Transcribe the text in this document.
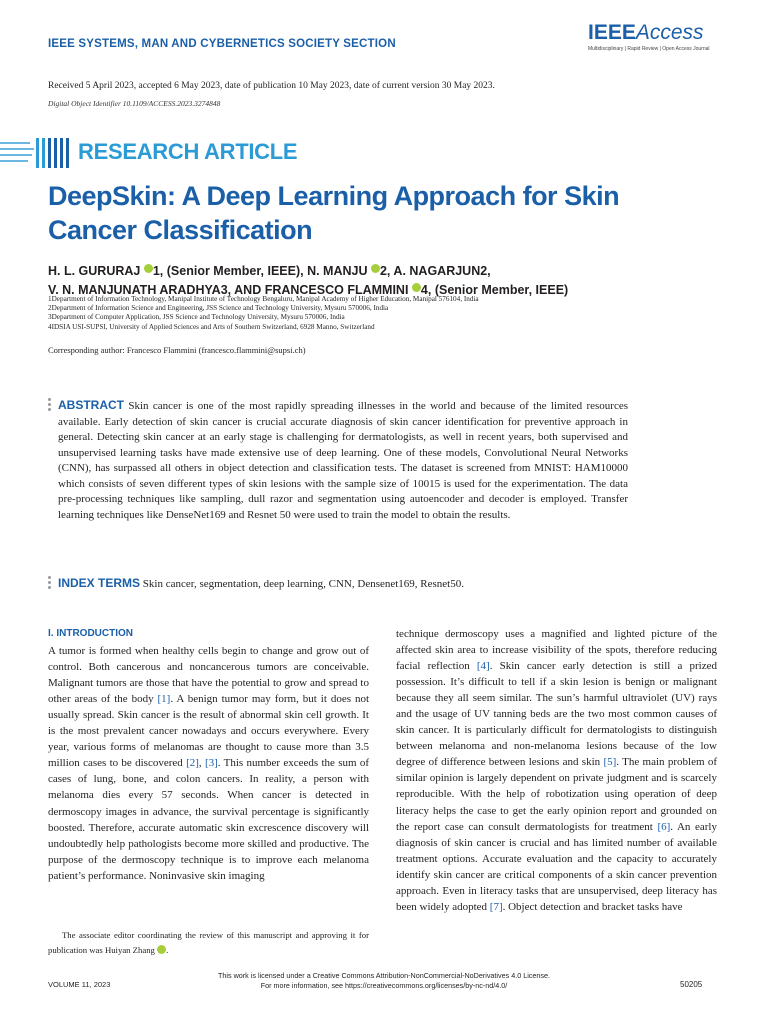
IEEE SYSTEMS, MAN AND CYBERNETICS SOCIETY SECTION	IEEEAccess
Multidisciplinary | Rapid Review | Open Access Journal
Received 5 April 2023, accepted 6 May 2023, date of publication 10 May 2023, date of current version 30 May 2023.
Digital Object Identifier 10.1109/ACCESS.2023.3274848
RESEARCH ARTICLE
DeepSkin: A Deep Learning Approach for Skin Cancer Classification
H. L. GURURAJ 1, (Senior Member, IEEE), N. MANJU 2, A. NAGARJUN2,
V. N. MANJUNATH ARADHYA3, AND FRANCESCO FLAMMINI 4, (Senior Member, IEEE)
1Department of Information Technology, Manipal Institute of Technology Bengaluru, Manipal Academy of Higher Education, Manipal 576104, India
2Department of Information Science and Engineering, JSS Science and Technology University, Mysuru 570006, India
3Department of Computer Application, JSS Science and Technology University, Mysuru 570006, India
4IDSIA USI-SUPSI, University of Applied Sciences and Arts of Southern Switzerland, 6928 Manno, Switzerland
Corresponding author: Francesco Flammini (francesco.flammini@supsi.ch)
ABSTRACT Skin cancer is one of the most rapidly spreading illnesses in the world and because of the limited resources available. Early detection of skin cancer is crucial accurate diagnosis of skin cancer identification for preventive approach in general. Detecting skin cancer at an early stage is challenging for dermatologists, as well in recent years, both supervised and unsupervised learning tasks have made extensive use of deep learning. One of these models, Convolutional Neural Networks (CNN), has surpassed all others in object detection and classification tests. The dataset is screened from MNIST: HAM10000 which consists of seven different types of skin lesions with the sample size of 10015 is used for the experimentation. The data pre-processing techniques like sampling, dull razor and segmentation using autoencoder and decoder is employed. Transfer learning techniques like DenseNet169 and Resnet 50 were used to train the model to obtain the results.
INDEX TERMS Skin cancer, segmentation, deep learning, CNN, Densenet169, Resnet50.
I. INTRODUCTION

A tumor is formed when healthy cells begin to change and grow out of control. Both cancerous and noncancerous tumors are conceivable. Malignant tumors are those that have the potential to grow and spread to other areas of the body [1]. A benign tumor may form, but it does not usually spread. Skin cancer is the result of abnormal skin cell growth. It is the most prevalent cancer nowadays and occurs everywhere. Every year, various forms of melanomas are thought to cause more than 3.5 million cases to be discovered [2], [3]. This number exceeds the sum of cases of lung, bone, and colon cancers. In reality, a person with melanoma dies every 57 seconds. When cancer is detected in dermoscopy images in advance, the survival percentage is significantly boosted. Therefore, accurate automatic skin excrescence discovery will undoubtedly help pathologists become more skilled and productive. The purpose of the dermoscopy technique is to improve each melanoma patient’s performance. Noninvasive skin imaging

technique dermoscopy uses a magnified and lighted picture of the affected skin area to increase visibility of the spots, therefore reducing facial reflection [4]. Skin cancer early detection is still a prized possession. It’s difficult to tell if a skin lesion is benign or malignant because they all seem similar. The sun’s harmful ultraviolet (UV) rays and the usage of UV tanning beds are the two most common causes of skin cancer. It is particularly difficult for dermatologists to distinguish between melanoma and non-melanoma lesions because of the low degree of difference between lesions and skin [5]. The main problem of similar opinion is largely dependent on private judgment and is scarcely reproducible. With the help of robotization using operation of deep literacy helps the case to get the early opinion report and grounded on the report case can consult dermatologists for treatment [6]. An early diagnosis of skin cancer is crucial and has limited number of available treatment options. Accurate evaluation and the capacity to accurately identify skin cancer are critical components of a skin cancer prevention approach. Even in literacy tasks that are unsupervised, deep literacy has been widely adopted [7]. Object detection and bracket tasks have

The associate editor coordinating the review of this manuscript and approving it for publication was Huiyan Zhang .
This work is licensed under a Creative Commons Attribution-NonCommercial-NoDerivatives 4.0 License.
For more information, see https://creativecommons.org/licenses/by-nc-nd/4.0/
VOLUME 11, 2023	50205
